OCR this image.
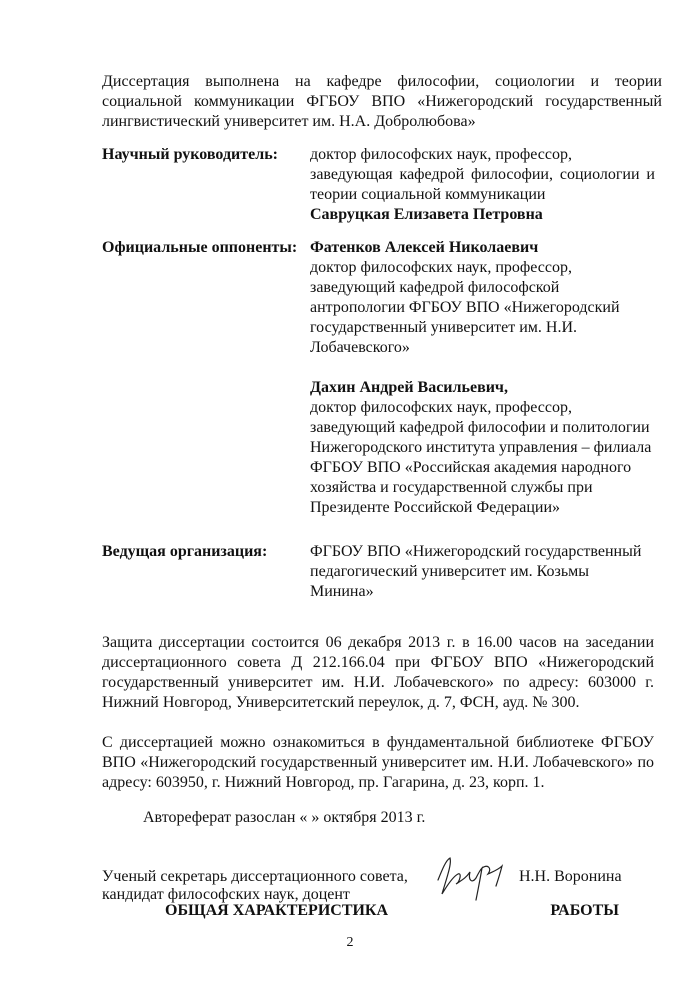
Диссертация выполнена на кафедре философии, социологии и теории социальной коммуникации ФГБОУ ВПО «Нижегородский государственный лингвистический университет им. Н.А. Добролюбова»
Научный руководитель: доктор философских наук, профессор,
заведующая кафедрой философии, социологии и теории социальной коммуникации
Савруцкая Елизавета Петровна
Официальные оппоненты: Фатенков Алексей Николаевич
доктор философских наук, профессор, заведующий кафедрой философской антропологии ФГБОУ ВПО «Нижегородский государственный университет им. Н.И. Лобачевского»
Дахин Андрей Васильевич,
доктор философских наук, профессор, заведующий кафедрой философии и политологии Нижегородского института управления – филиала ФГБОУ ВПО «Российская академия народного хозяйства и государственной службы при Президенте Российской Федерации»
Ведущая организация:	ФГБОУ ВПО «Нижегородский государственный педагогический университет им. Козьмы Минина»
Защита диссертации состоится 06 декабря 2013 г. в 16.00 часов на заседании диссертационного совета Д 212.166.04 при ФГБОУ ВПО «Нижегородский государственный университет им. Н.И. Лобачевского» по адресу: 603000 г. Нижний Новгород, Университетский переулок, д. 7, ФСН, ауд. № 300.
С диссертацией можно ознакомиться в фундаментальной библиотеке ФГБОУ ВПО «Нижегородский государственный университет им. Н.И. Лобачевского» по адресу: 603950, г. Нижний Новгород, пр. Гагарина, д. 23, корп. 1.
Автореферат разослан « » октября 2013 г.
Ученый секретарь диссертационного совета,
кандидат философских наук, доцент
Н.Н. Воронина
ОБЩАЯ ХАРАКТЕРИСТИКА	РАБОТЫ
2
